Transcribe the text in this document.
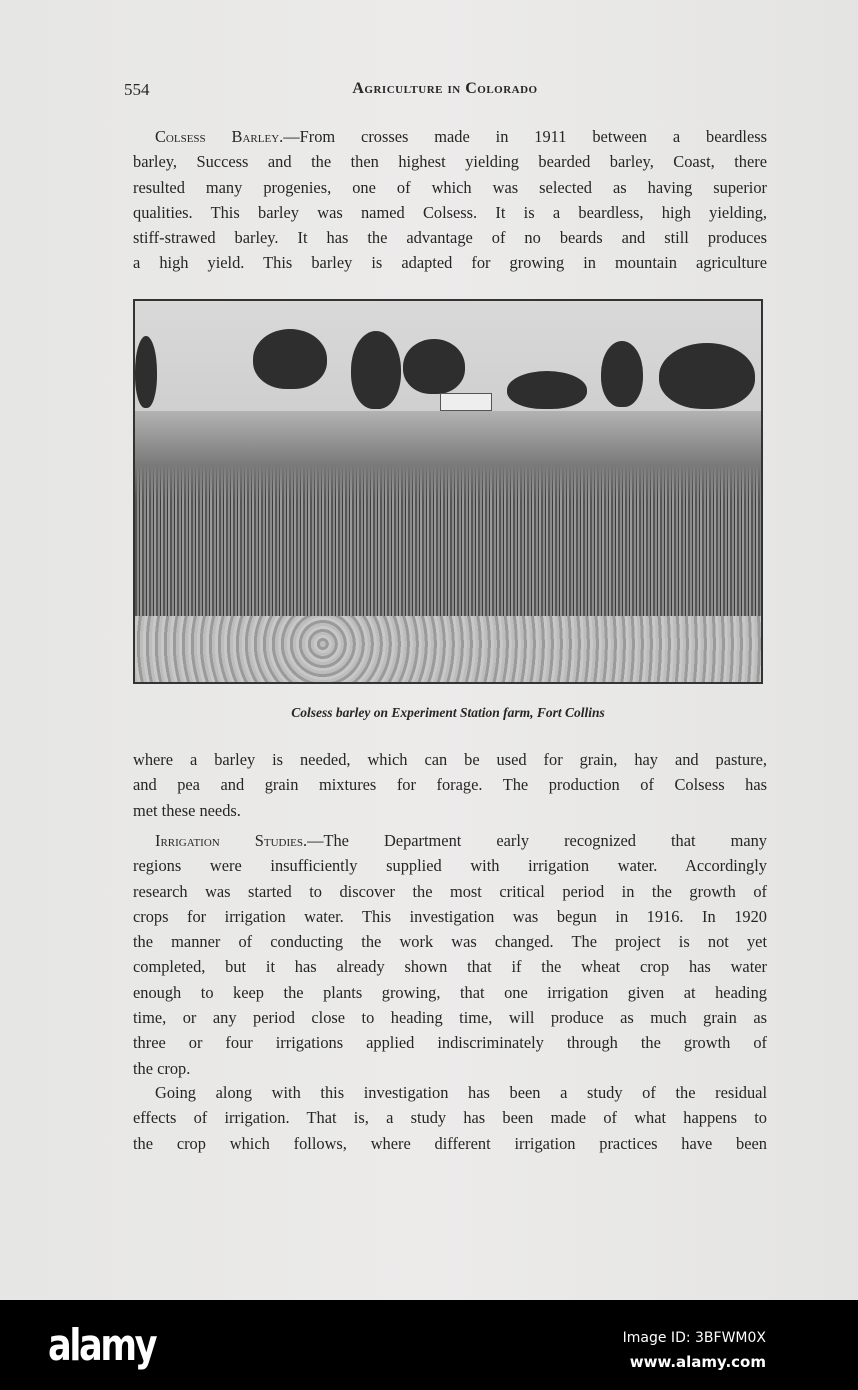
554	Agriculture in Colorado
Colsess Barley.—From crosses made in 1911 between a beardless
barley, Success and the then highest yielding bearded barley, Coast, there
resulted many progenies, one of which was selected as having superior
qualities. This barley was named Colsess. It is a beardless, high yielding,
stiff-strawed barley. It has the advantage of no beards and still produces
a high yield. This barley is adapted for growing in mountain agriculture
Colsess barley on Experiment Station farm, Fort Collins
where a barley is needed, which can be used for grain, hay and pasture,
and pea and grain mixtures for forage. The production of Colsess has
met these needs.
Irrigation Studies.—The Department early recognized that many
regions were insufficiently supplied with irrigation water. Accordingly
research was started to discover the most critical period in the growth of
crops for irrigation water. This investigation was begun in 1916. In 1920
the manner of conducting the work was changed. The project is not yet
completed, but it has already shown that if the wheat crop has water
enough to keep the plants growing, that one irrigation given at heading
time, or any period close to heading time, will produce as much grain as
three or four irrigations applied indiscriminately through the growth of
the crop.
Going along with this investigation has been a study of the residual
effects of irrigation. That is, a study has been made of what happens to
the crop which follows, where different irrigation practices have been
alamy	Image ID: 3BFWM0X
www.alamy.com
